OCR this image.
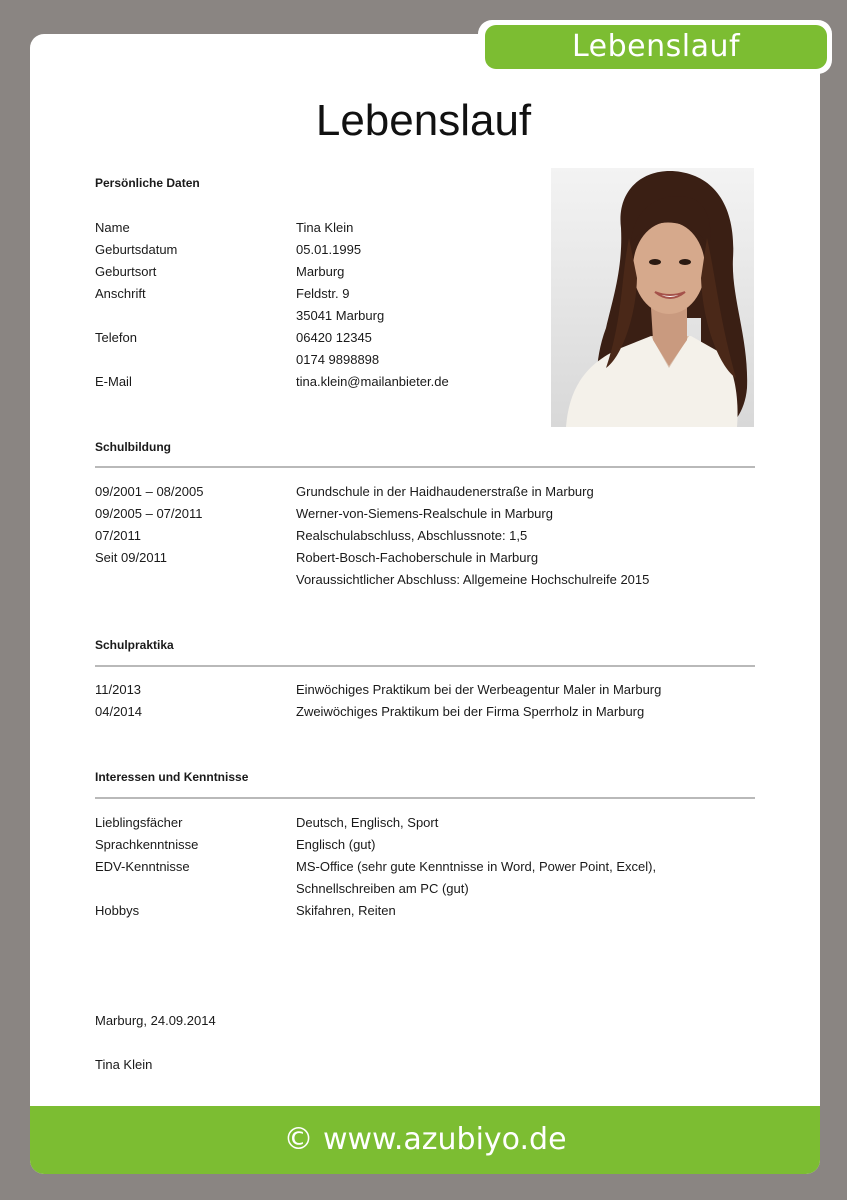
Lebenslauf
Lebenslauf
Persönliche Daten
Name	Tina Klein
Geburtsdatum	05.01.1995
Geburtsort	Marburg
Anschrift	Feldstr. 9
35041 Marburg
Telefon	06420 12345
0174 9898898
E-Mail	tina.klein@mailanbieter.de
Schulbildung
09/2001 – 08/2005	Grundschule in der Haidhaudenerstraße in Marburg
09/2005 – 07/2011	Werner-von-Siemens-Realschule in Marburg
07/2011	Realschulabschluss, Abschlussnote: 1,5
Seit 09/2011	Robert-Bosch-Fachoberschule in Marburg
Voraussichtlicher Abschluss: Allgemeine Hochschulreife 2015
Schulpraktika
11/2013	Einwöchiges Praktikum bei der Werbeagentur Maler in Marburg
04/2014	Zweiwöchiges Praktikum bei der Firma Sperrholz in Marburg
Interessen und Kenntnisse
Lieblingsfächer	Deutsch, Englisch, Sport
Sprachkenntnisse	Englisch (gut)
EDV-Kenntnisse	MS-Office (sehr gute Kenntnisse in Word, Power Point, Excel),
Schnellschreiben am PC (gut)
Hobbys	Skifahren, Reiten
Marburg, 24.09.2014
Tina Klein
© www.azubiyo.de
